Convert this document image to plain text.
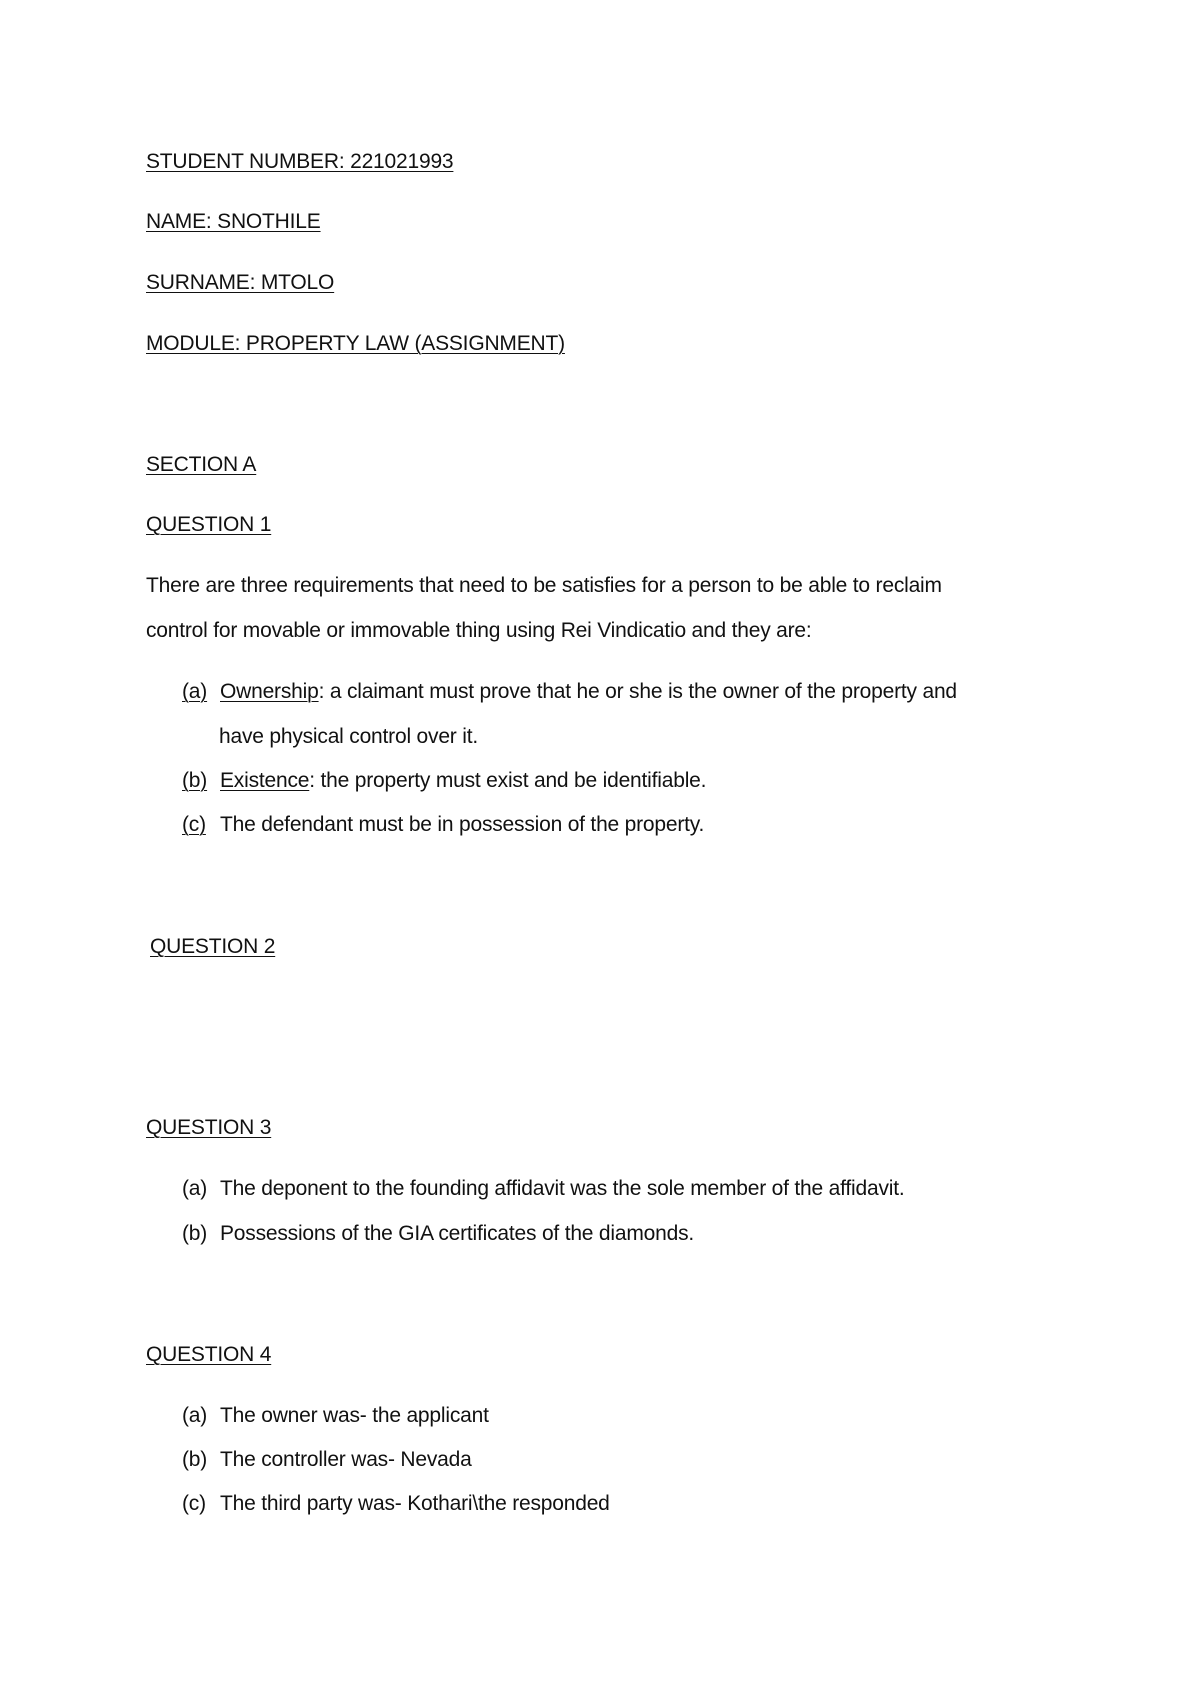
STUDENT NUMBER: 221021993
NAME: SNOTHILE
SURNAME: MTOLO
MODULE: PROPERTY LAW (ASSIGNMENT)
SECTION A
QUESTION 1
There are three requirements that need to be satisfies for a person to be able to reclaim
control for movable or immovable thing using Rei Vindicatio and they are:
(a) Ownership: a claimant must prove that he or she is the owner of the property and
have physical control over it.
(b) Existence: the property must exist and be identifiable.
(c) The defendant must be in possession of the property.
QUESTION 2
QUESTION 3
(a) The deponent to the founding affidavit was the sole member of the affidavit.
(b) Possessions of the GIA certificates of the diamonds.
QUESTION 4
(a) The owner was- the applicant
(b) The controller was- Nevada
(c) The third party was- Kothari\the responded
